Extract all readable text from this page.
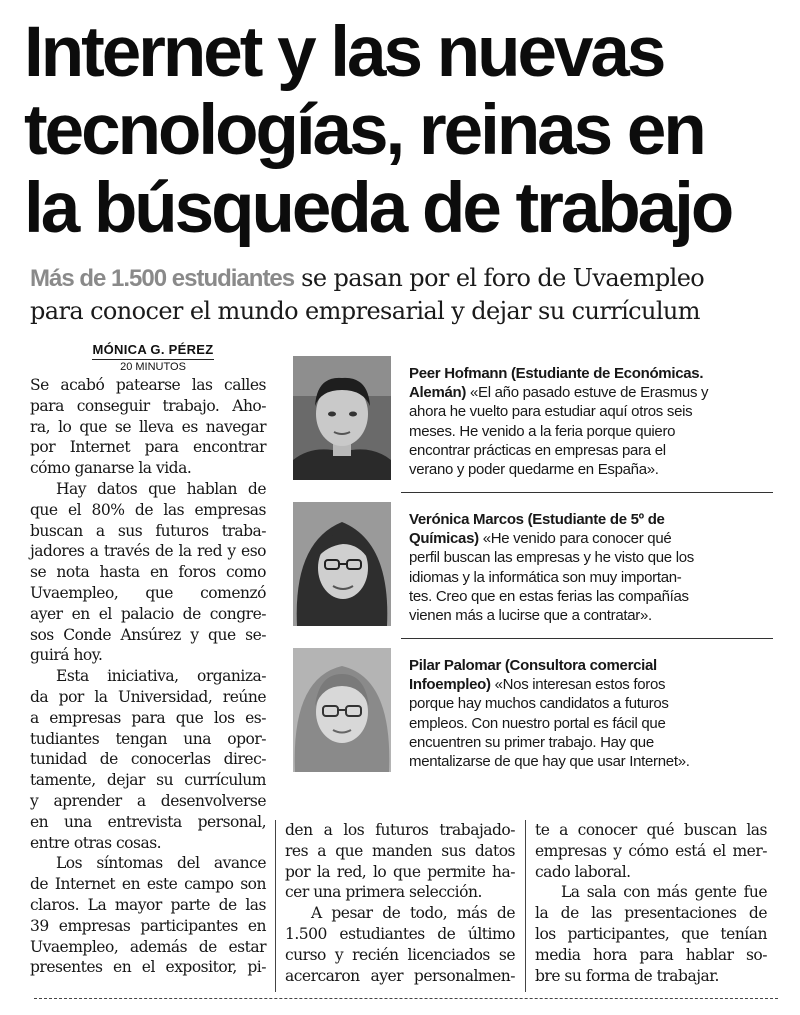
Internet y las nuevas
tecnologías, reinas en
la búsqueda de trabajo
Más de 1.500 estudiantes se pasan por el foro de Uvaempleo
para conocer el mundo empresarial y dejar su currículum
MÓNICA G. PÉREZ
20 MINUTOS
Se acabó patearse las calles
para conseguir trabajo. Aho-
ra, lo que se lleva es navegar
por Internet para encontrar
cómo ganarse la vida.
Hay datos que hablan de
que el 80% de las empresas
buscan a sus futuros traba-
jadores a través de la red y eso
se nota hasta en foros como
Uvaempleo, que comenzó
ayer en el palacio de congre-
sos Conde Ansúrez y que se-
guirá hoy.
Esta iniciativa, organiza-
da por la Universidad, reúne
a empresas para que los es-
tudiantes tengan una opor-
tunidad de conocerlas direc-
tamente, dejar su currículum
y aprender a desenvolverse
en una entrevista personal,
entre otras cosas.
Los síntomas del avance
de Internet en este campo son
claros. La mayor parte de las
39 empresas participantes en
Uvaempleo, además de estar
presentes en el expositor, pi-
den a los futuros trabajado-
res a que manden sus datos
por la red, lo que permite ha-
cer una primera selección.
A pesar de todo, más de
1.500 estudiantes de último
curso y recién licenciados se
acercaron ayer personalmen-
te a conocer qué buscan las
empresas y cómo está el mer-
cado laboral.
La sala con más gente fue
la de las presentaciones de
los participantes, que tenían
media hora para hablar so-
bre su forma de trabajar.
Peer Hofmann (Estudiante de Económicas.
Alemán) «El año pasado estuve de Erasmus y
ahora he vuelto para estudiar aquí otros seis
meses. He venido a la feria porque quiero
encontrar prácticas en empresas para el
verano y poder quedarme en España».
Verónica Marcos (Estudiante de 5º de
Químicas) «He venido para conocer qué
perfil buscan las empresas y he visto que los
idiomas y la informática son muy importan-
tes. Creo que en estas ferias las compañías
vienen más a lucirse que a contratar».
Pilar Palomar (Consultora comercial
Infoempleo) «Nos interesan estos foros
porque hay muchos candidatos a futuros
empleos. Con nuestro portal es fácil que
encuentren su primer trabajo. Hay que
mentalizarse de que hay que usar Internet».
